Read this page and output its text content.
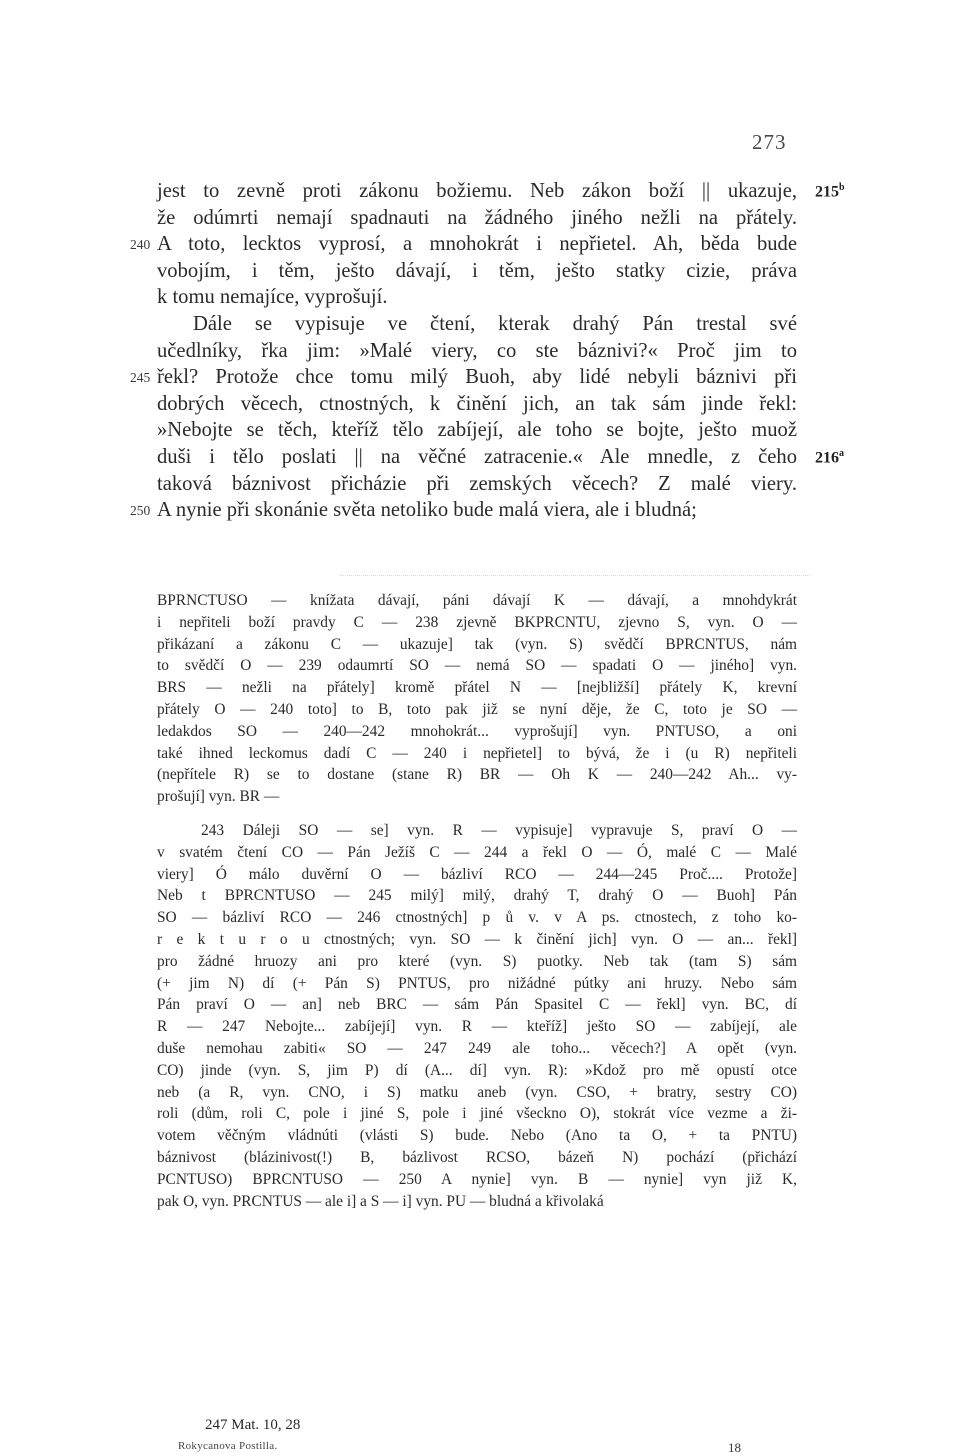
273
jest to zevně proti zákonu božiemu. Neb zákon boží || ukazuje,
že odúmrti nemají spadnauti na žádného jiného nežli na přátely.
A toto, lecktos vyprosí, a mnohokrát i nepřietel. Ah, běda bude
vobojím, i těm, ješto dávají, i těm, ješto statky cizie, práva
k tomu nemajíce, vyprošují.
Dále se vypisuje ve čtení, kterak drahý Pán trestal své
učedlníky, řka jim: »Malé viery, co ste báznivi?« Proč jim to
řekl? Protože chce tomu milý Buoh, aby lidé nebyli báznivi při
dobrých věcech, ctnostných, k činění jich, an tak sám jinde řekl:
»Nebojte se těch, kteříž tělo zabíjejí, ale toho se bojte, ješto muož
duši i tělo poslati || na věčné zatracenie.« Ale mnedle, z čeho
taková báznivost přicházie při zemských věcech? Z malé viery.
A nynie při skonánie světa netoliko bude malá viera, ale i bludná;
240
245
250
215$^b$
216$^a$
BPRNCTUSO — knížata dávají, páni dávají K — dávají, a mnohdykrát
i nepřiteli boží pravdy C — 238 zjevně BKPRCNTU, zjevno S, vyn. O —
přikázaní a zákonu C — ukazuje] tak (vyn. S) svědčí BPRCNTUS, nám
to svědčí O — 239 odaumrtí SO — nemá SO — spadati O — jiného] vyn.
BRS — nežli na přátely] kromě přátel N — [nejbližší] přátely K, krevní
přátely O — 240 toto] to B, toto pak již se nyní děje, že C, toto je SO —
ledakdos SO — 240—242 mnohokrát... vyprošují] vyn. PNTUSO, a oni
také ihned leckomus dadí C — 240 i nepřietel] to bývá, že i (u R) nepřiteli
(nepřítele R) se to dostane (stane R) BR — Oh K — 240—242 Ah... vy-
prošují] vyn. BR —
243 Dáleji SO — se] vyn. R — vypisuje] vypravuje S, praví O —
v svatém čtení CO — Pán Ježíš C — 244 a řekl O — Ó, malé C — Malé
viery] Ó málo duvěrní O — bázliví RCO — 244—245 Proč.... Protože]
Neb t BPRCNTUSO — 245 milý] milý, drahý T, drahý O — Buoh] Pán
SO — bázliví RCO — 246 ctnostných] p ů v. v A ps. ctnostech, z toho ko-
r e k t u r o u ctnostných; vyn. SO — k činění jich] vyn. O — an... řekl]
pro žádné hruozy ani pro které (vyn. S) puotky. Neb tak (tam S) sám
(+ jim N) dí (+ Pán S) PNTUS, pro nižádné pútky ani hruzy. Nebo sám
Pán praví O — an] neb BRC — sám Pán Spasitel C — řekl] vyn. BC, dí
R — 247 Nebojte... zabíjejí] vyn. R — kteříž] ješto SO — zabíjejí, ale
duše nemohau zabiti« SO — 247 249 ale toho... věcech?] A opět (vyn.
CO) jinde (vyn. S, jim P) dí (A... dí] vyn. R): »Kdož pro mě opustí otce
neb (a R, vyn. CNO, i S) matku aneb (vyn. CSO, + bratry, sestry CO)
roli (dům, roli C, pole i jiné S, pole i jiné všecknо O), stokrát více vezme a ži-
votem věčným vládnúti (vlásti S) bude. Nebo (Ano ta O, + ta PNTU)
báznivost (blázinivost(!) B, bázlivost RCSO, bázeň N) pochází (přichází
PCNTUSO) BPRCNTUSO — 250 A nynie] vyn. B — nynie] vyn již K,
pak O, vyn. PRCNTUS — ale i] a S — i] vyn. PU — bludná a křivolaká
247 Mat. 10, 28
Rokycanova Postilla.	18
